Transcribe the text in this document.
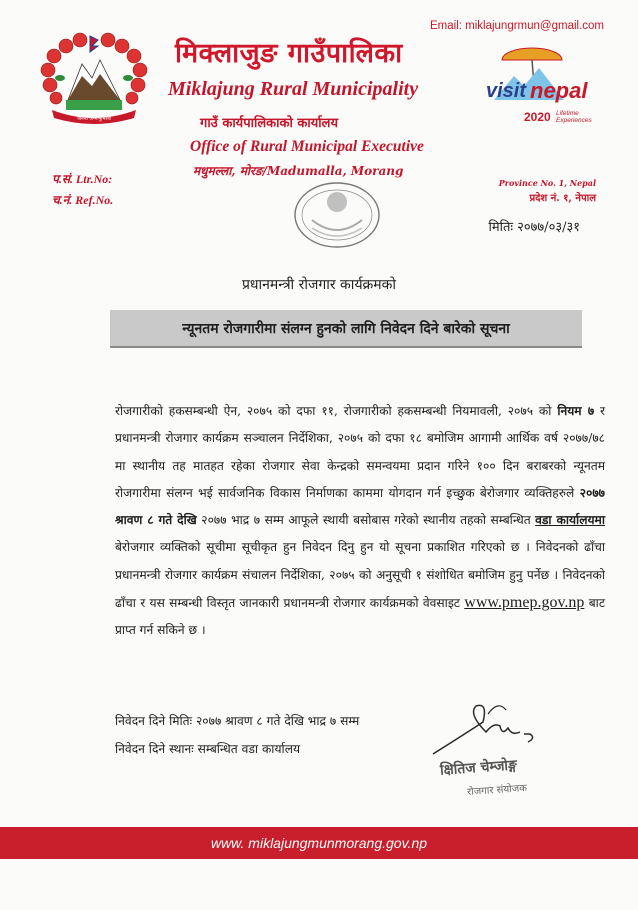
जननी जन्मभूमिश्च
Email: miklajungrmun@gmail.com
मिक्लाजुङ गाउँपालिका
Miklajung Rural Municipality
गाउँ कार्यपालिकाको कार्यालय
Office of Rural Municipal Executive
मधुमल्ला, मोरङ/Madumalla, Morang
visit nepal
2020 Lifetime Experiences
प.सं. Ltr.No:
च.नं. Ref.No.
Province No. 1, Nepal
प्रदेश नं. १, नेपाल
मितिः २०७७/०३/३१
प्रधानमन्त्री रोजगार कार्यक्रमको
न्यूनतम रोजगारीमा संलग्न हुनको लागि निवेदन दिने बारेको सूचना
रोजगारीको हकसम्बन्धी ऐन, २०७५ को दफा ११, रोजगारीको हकसम्बन्धी नियमावली, २०७५ को नियम ७ र प्रधानमन्त्री रोजगार कार्यक्रम सञ्चालन निर्देशिका, २०७५ को दफा १८ बमोजिम आगामी आर्थिक वर्ष २०७७/७८ मा स्थानीय तह मातहत रहेका रोजगार सेवा केन्द्रको समन्वयमा प्रदान गरिने १०० दिन बराबरको न्यूनतम रोजगारीमा संलग्न भई सार्वजनिक विकास निर्माणका काममा योगदान गर्न इच्छुक बेरोजगार व्यक्तिहरुले २०७७ श्रावण ८ गते देखि २०७७ भाद्र ७ सम्म आफूले स्थायी बसोबास गरेको स्थानीय तहको सम्बन्धित वडा कार्यालयमा बेरोजगार व्यक्तिको सूचीमा सूचीकृत हुन निवेदन दिनु हुन यो सूचना प्रकाशित गरिएको छ । निवेदनको ढाँचा प्रधानमन्त्री रोजगार कार्यक्रम संचालन निर्देशिका, २०७५ को अनुसूची १ संशोधित बमोजिम हुनु पर्नेछ । निवेदनको ढाँचा र यस सम्बन्धी विस्तृत जानकारी प्रधानमन्त्री रोजगार कार्यक्रमको वेवसाइट www.pmep.gov.np बाट प्राप्त गर्न सकिने छ ।
निवेदन दिने मितिः २०७७ श्रावण ८ गते देखि भाद्र ७ सम्म
निवेदन दिने स्थानः सम्बन्धित वडा कार्यालय
क्षितिज चेम्जोङ्ग
रोजगार संयोजक
www. miklajungmunmorang.gov.np
